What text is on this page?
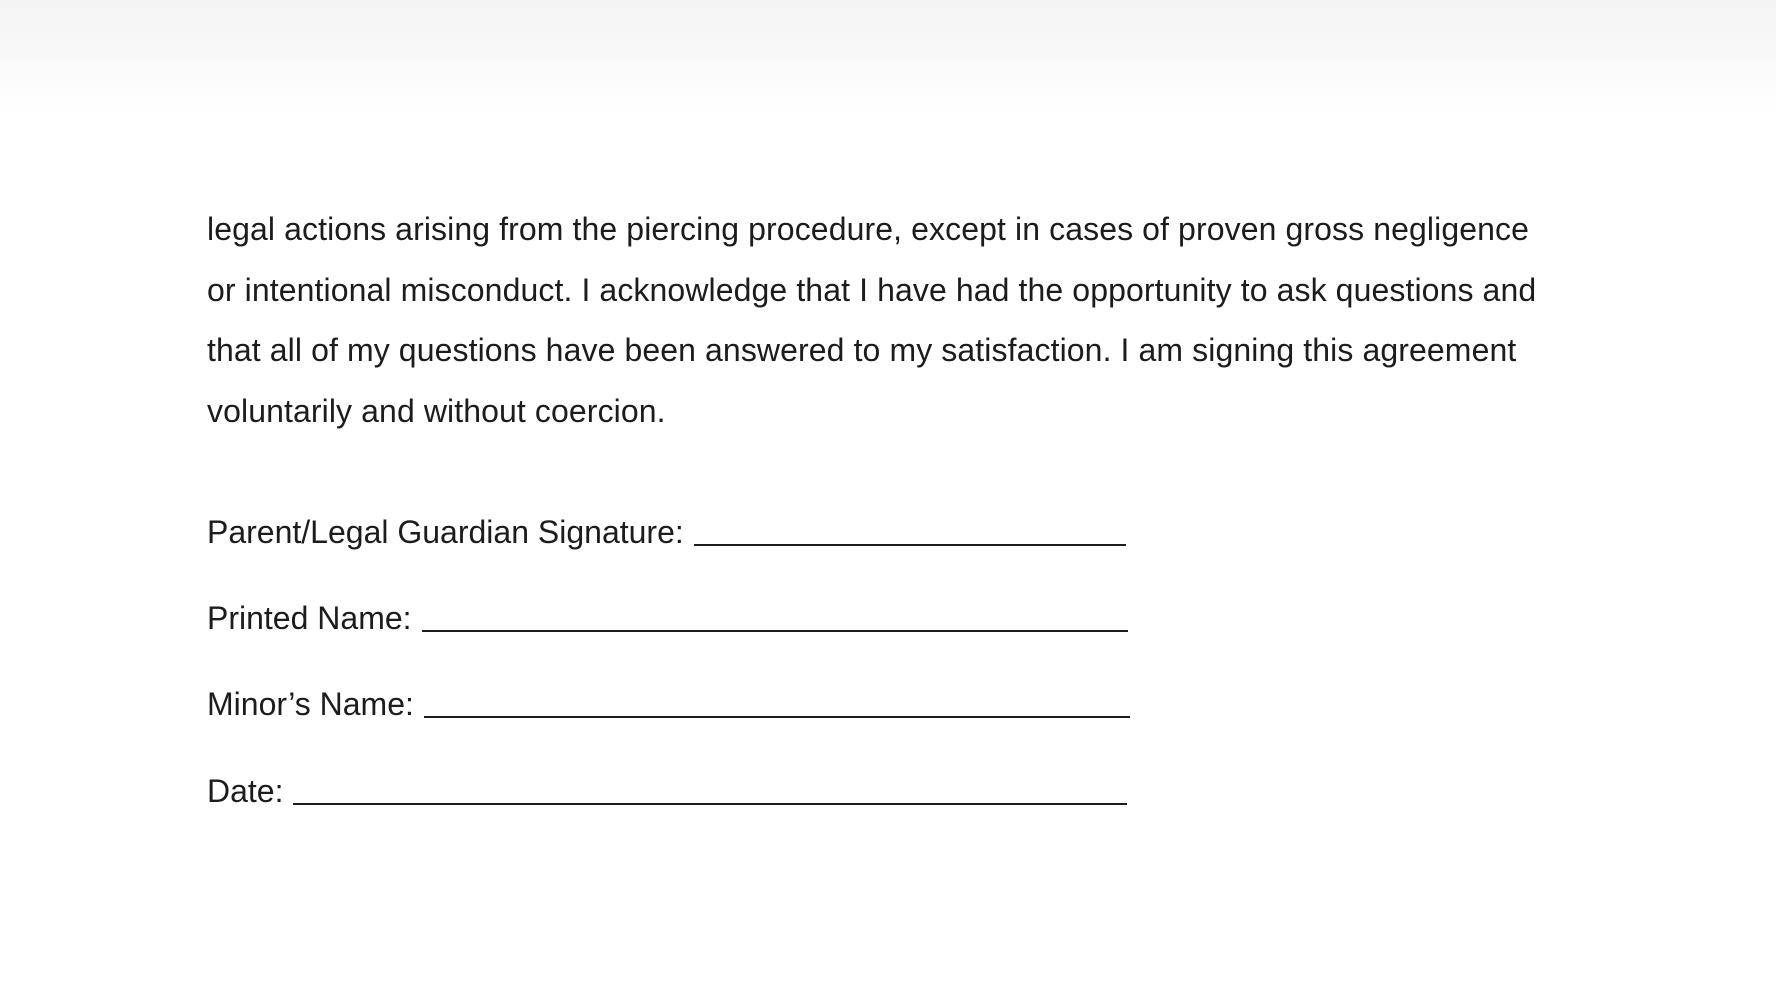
legal actions arising from the piercing procedure, except in cases of proven gross negligence
or intentional misconduct. I acknowledge that I have had the opportunity to ask questions and
that all of my questions have been answered to my satisfaction. I am signing this agreement
voluntarily and without coercion.

Parent/Legal Guardian Signature:
Printed Name:
Minor’s Name:
Date:
